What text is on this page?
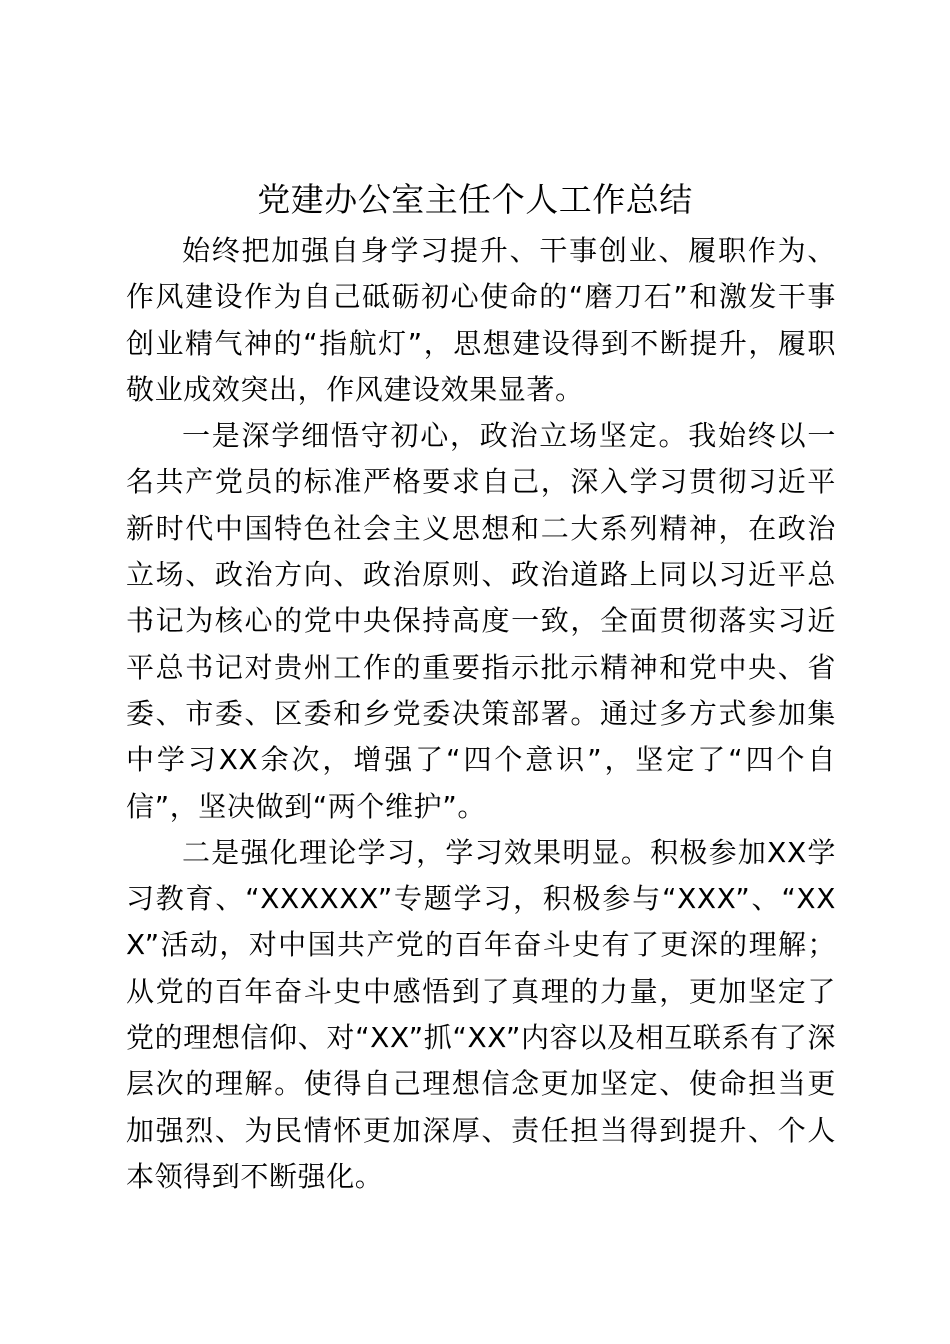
党建办公室主任个人工作总结

始终把加强自身学习提升、干事创业、履职作为、作风建设作为自己砥砺初心使命的“磨刀石”和激发干事创业精气神的“指航灯”，思想建设得到不断提升，履职敬业成效突出，作风建设效果显著。

一是深学细悟守初心，政治立场坚定。我始终以一名共产党员的标准严格要求自己，深入学习贯彻习近平新时代中国特色社会主义思想和二大系列精神，在政治立场、政治方向、政治原则、政治道路上同以习近平总书记为核心的党中央保持高度一致，全面贯彻落实习近平总书记对贵州工作的重要指示批示精神和党中央、省委、市委、区委和乡党委决策部署。通过多方式参加集中学习XX余次，增强了“四个意识”，坚定了“四个自信”，坚决做到“两个维护”。

二是强化理论学习，学习效果明显。积极参加XX学习教育、“XXXXXX”专题学习，积极参与“XXX”、“XXX”活动，对中国共产党的百年奋斗史有了更深的理解；从党的百年奋斗史中感悟到了真理的力量，更加坚定了党的理想信仰、对“XX”抓“XX”内容以及相互联系有了深层次的理解。使得自己理想信念更加坚定、使命担当更加强烈、为民情怀更加深厚、责任担当得到提升、个人本领得到不断强化。
